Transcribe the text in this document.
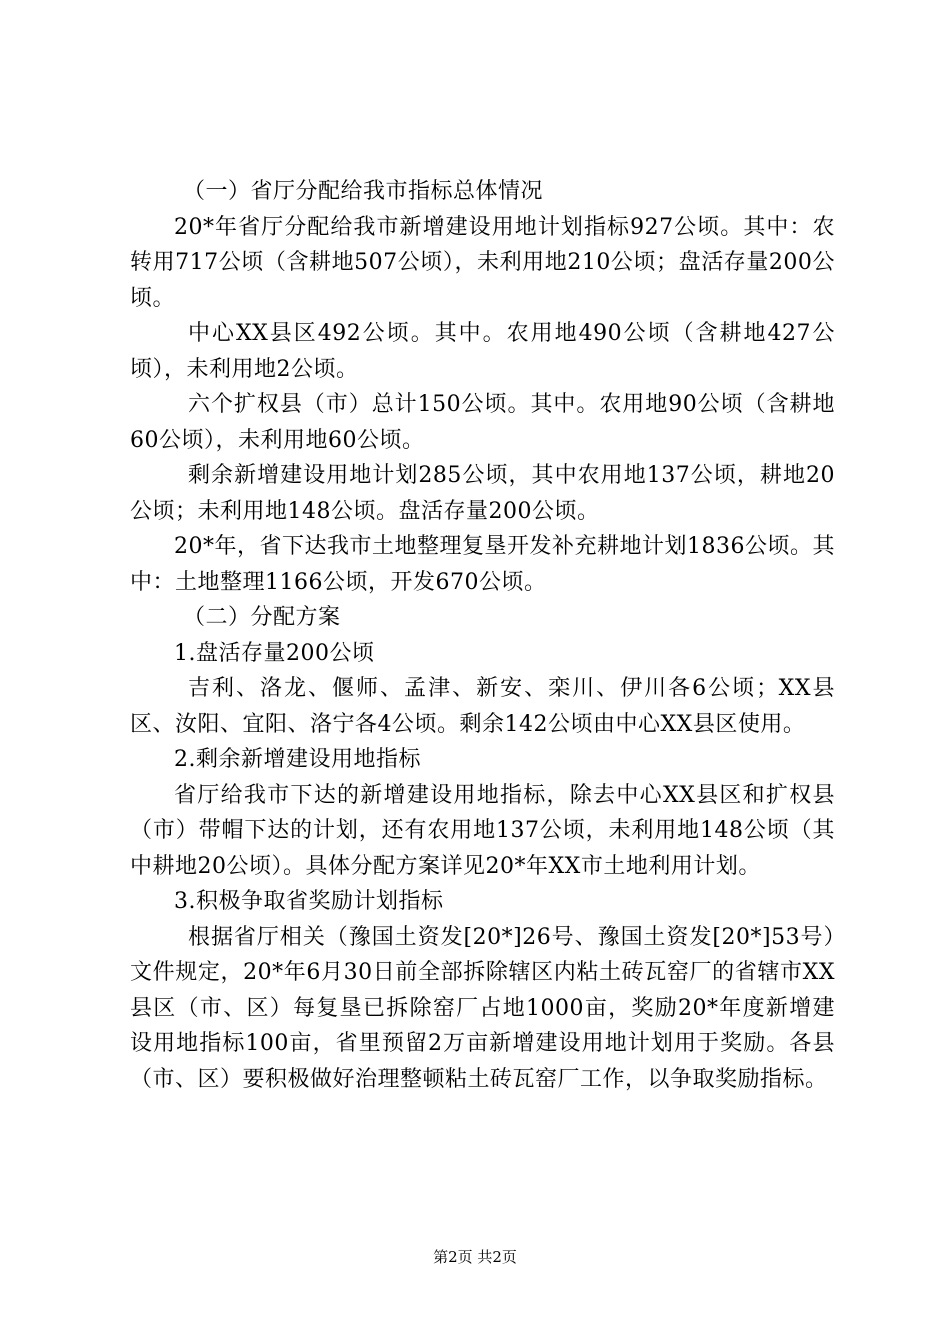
（一）省厅分配给我市指标总体情况

20*年省厅分配给我市新增建设用地计划指标927公顷。其中：农转用717公顷（含耕地507公顷），未利用地210公顷；盘活存量200公顷。

中心XX县区492公顷。其中。农用地490公顷（含耕地427公顷），未利用地2公顷。

六个扩权县（市）总计150公顷。其中。农用地90公顷（含耕地60公顷），未利用地60公顷。

剩余新增建设用地计划285公顷，其中农用地137公顷，耕地20公顷；未利用地148公顷。盘活存量200公顷。

20*年，省下达我市土地整理复垦开发补充耕地计划1836公顷。其中：土地整理1166公顷，开发670公顷。

（二）分配方案

1.盘活存量200公顷

吉利、洛龙、偃师、孟津、新安、栾川、伊川各6公顷；XX县区、汝阳、宜阳、洛宁各4公顷。剩余142公顷由中心XX县区使用。

2.剩余新增建设用地指标

省厅给我市下达的新增建设用地指标，除去中心XX县区和扩权县（市）带帽下达的计划，还有农用地137公顷，未利用地148公顷（其中耕地20公顷）。具体分配方案详见20*年XX市土地利用计划。

3.积极争取省奖励计划指标

根据省厅相关（豫国土资发[20*]26号、豫国土资发[20*]53号）文件规定，20*年6月30日前全部拆除辖区内粘土砖瓦窑厂的省辖市XX县区（市、区）每复垦已拆除窑厂占地1000亩，奖励20*年度新增建设用地指标100亩，省里预留2万亩新增建设用地计划用于奖励。各县（市、区）要积极做好治理整顿粘土砖瓦窑厂工作，以争取奖励指标。

第2页 共2页
